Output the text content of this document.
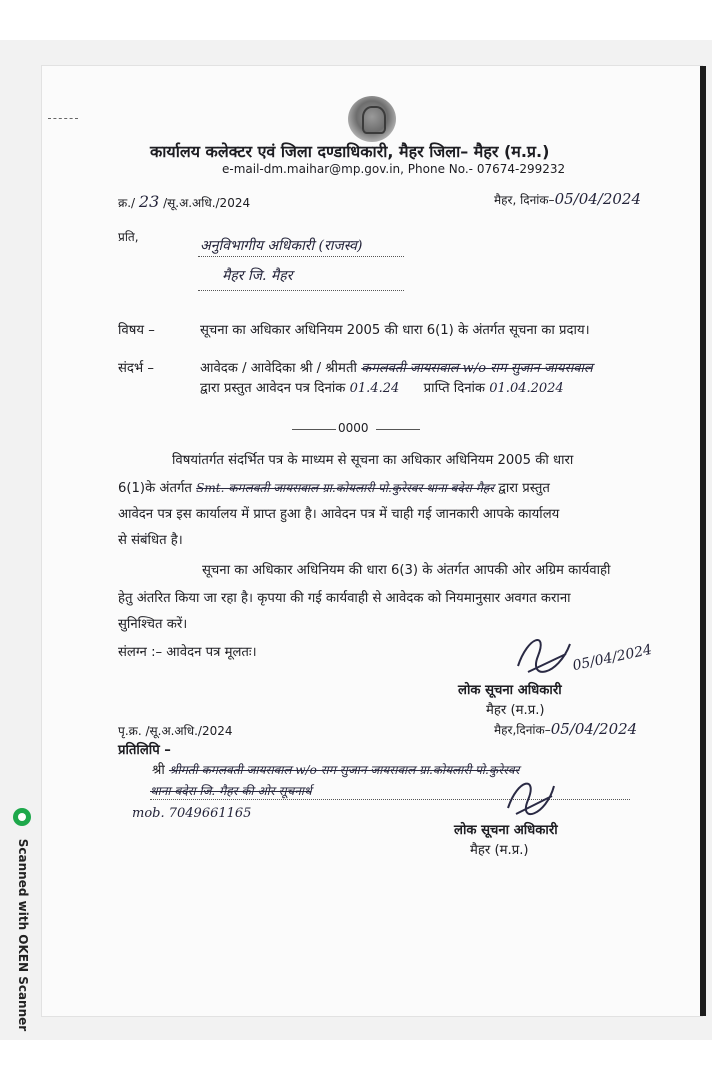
कार्यालय कलेक्टर एवं जिला दण्डाधिकारी, मैहर जिला– मैहर (म.प्र.)
e-mail-dm.maihar@mp.gov.in, Phone No.- 07674-299232
क्र./ 23 /सू.अ.अधि./2024	मैहर, दिनांक–05/04/2024
प्रति,
अनुविभागीय अधिकारी (राजस्व)
मैहर जि. मैहर
विषय –	सूचना का अधिकार अधिनियम 2005 की धारा 6(1) के अंतर्गत सूचना का प्रदाय।
संदर्भ –	आवेदक / आवेदिका श्री / श्रीमती कमलवती जायसवाल w/o राम सुजान जायसवाल
द्वारा प्रस्तुत आवेदन पत्र दिनांक 01.4.24 प्राप्ति दिनांक 01.04.2024
0000
विषयांतर्गत संदर्भित पत्र के माध्यम से सूचना का अधिकार अधिनियम 2005 की धारा
6(1)के अंतर्गत Smt. कमलवती जायसवाल ग्रा.कोयलारी पो.कुरेरवर थाना बदेरा मैहर द्वारा प्रस्तुत
आवेदन पत्र इस कार्यालय में प्राप्त हुआ है। आवेदन पत्र में चाही गई जानकारी आपके कार्यालय
से संबंधित है।
सूचना का अधिकार अधिनियम की धारा 6(3) के अंतर्गत आपकी ओर अग्रिम कार्यवाही
हेतु अंतरित किया जा रहा है। कृपया की गई कार्यवाही से आवेदक को नियमानुसार अवगत कराना
सुनिश्चित करें।
संलग्न :– आवेदन पत्र मूलतः।	05/04/2024
लोक सूचना अधिकारी
मैहर (म.प्र.)
पृ.क्र. /सू.अ.अधि./2024	मैहर,दिनांक–05/04/2024
प्रतिलिपि –
श्री श्रीमती कमलवती जायसवाल w/o राम सुजान जायसवाल ग्रा.कोयलारी पो.कुरेरवर
थाना बदेरा जि. मैहर की ओर सूचनार्थ
mob. 7049661165
लोक सूचना अधिकारी
मैहर (म.प्र.)
Scanned with OKEN Scanner
